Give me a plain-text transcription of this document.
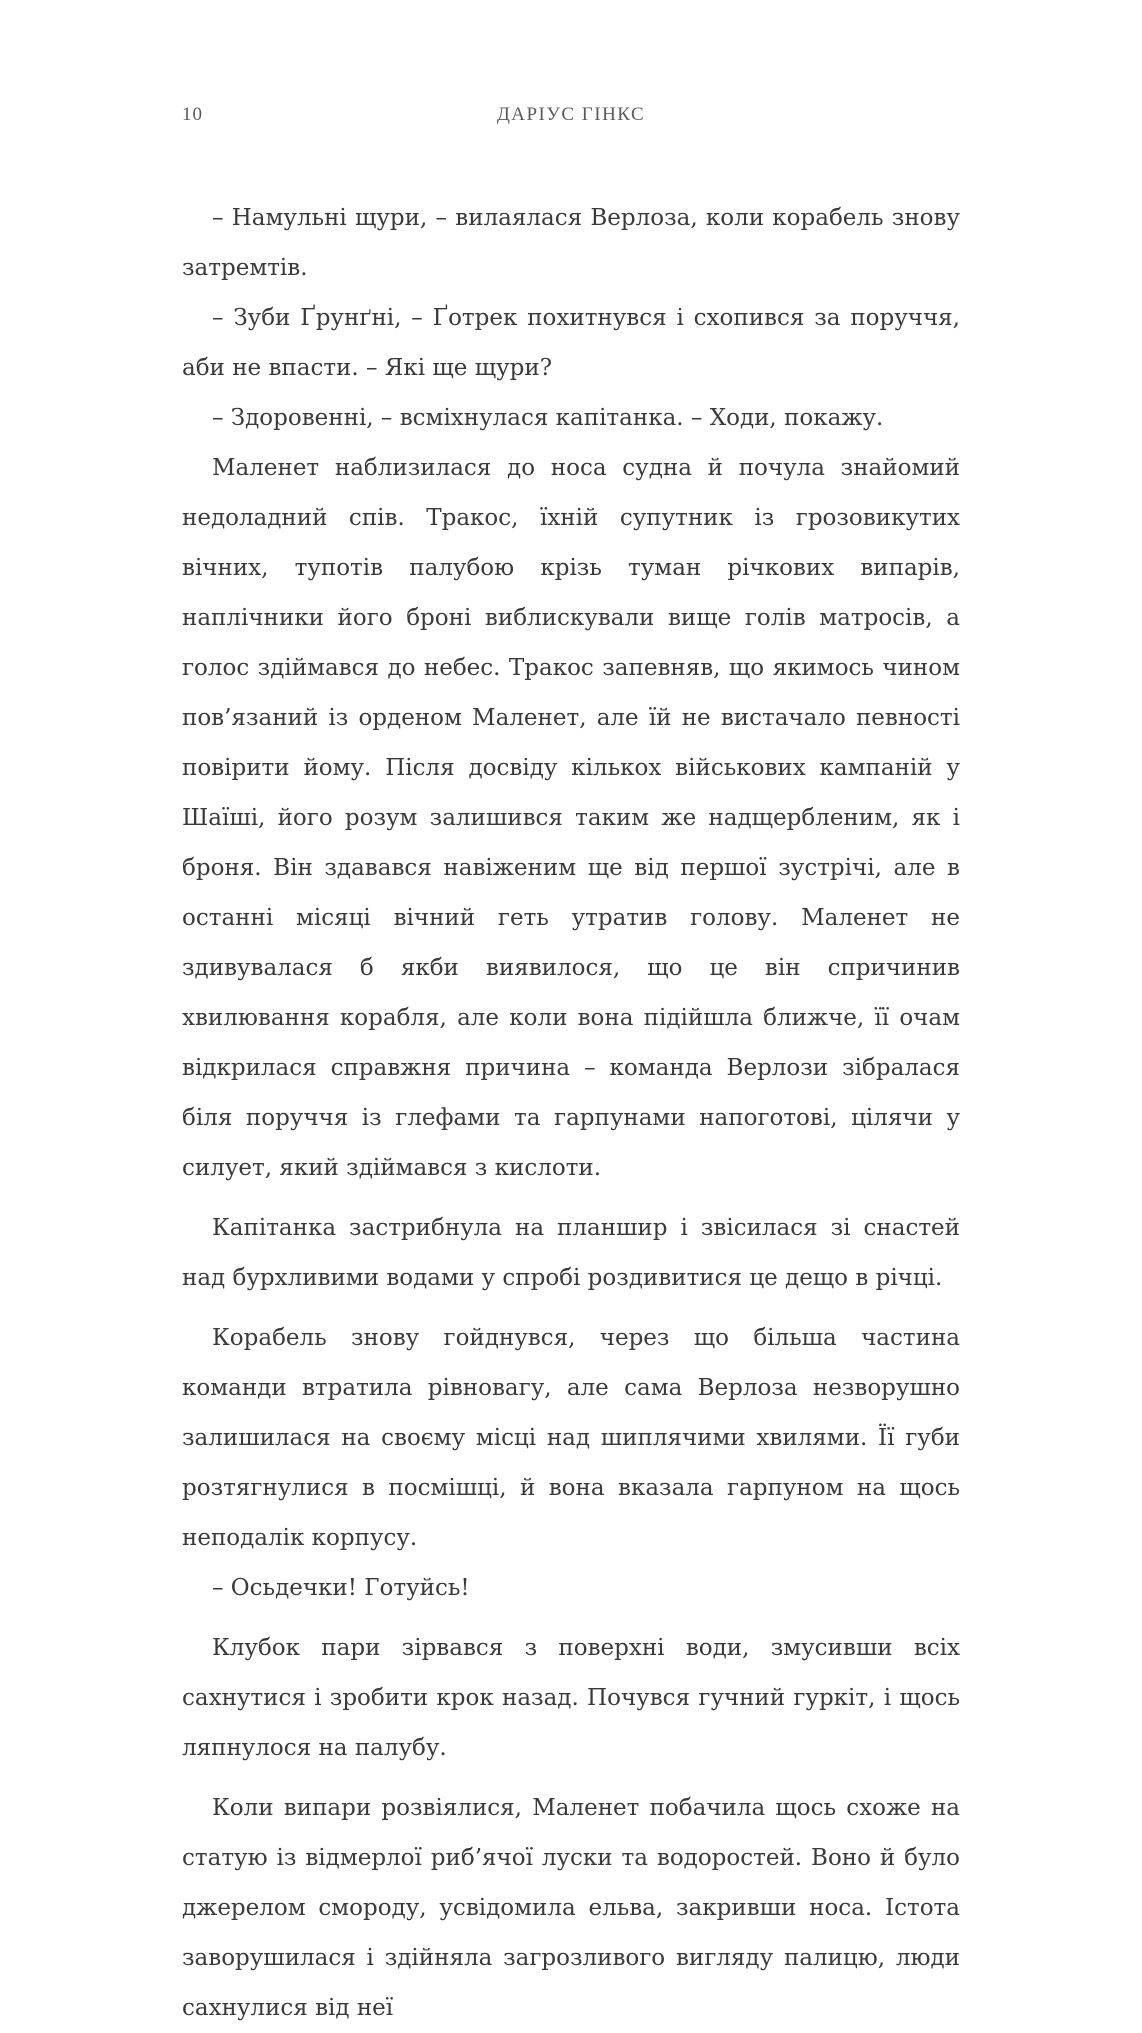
10	ДАРІУС ГІНКС

– Намульні щури, – вилаялася Верлоза, коли корабель знову затремтів.

– Зуби Ґрунґні, – Ґотрек похитнувся і схопився за поруччя, аби не впасти. – Які ще щури?

– Здоровенні, – всміхнулася капітанка. – Ходи, покажу.

Маленет наблизилася до носа судна й почула знайомий недоладний спів. Тракос, їхній супутник із грозовикутих вічних, тупотів палубою крізь туман річкових випарів, наплічники його броні виблискували вище голів матросів, а голос здіймався до небес. Тракос запевняв, що якимось чином пов’язаний із орденом Маленет, але їй не вистачало певності повірити йому. Після досвіду кількох військових кампаній у Шаїші, його розум залишився таким же надщербленим, як і броня. Він здавався навіженим ще від першої зустрічі, але в останні місяці вічний геть утратив голову. Маленет не здивувалася б якби виявилося, що це він спричинив хвилювання корабля, але коли вона підійшла ближче, її очам відкрилася справжня причина – команда Верлози зібралася біля поруччя із глефами та гарпунами напоготові, цілячи у силует, який здіймався з кислоти.

Капітанка застрибнула на планшир і звісилася зі снастей над бурхливими водами у спробі роздивитися це дещо в річці.

Корабель знову гойднувся, через що більша частина команди втратила рівновагу, але сама Верлоза незворушно залишилася на своєму місці над шиплячими хвилями. Її губи розтягнулися в посмішці, й вона вказала гарпуном на щось неподалік корпусу.

– Осьдечки! Готуйсь!

Клубок пари зірвався з поверхні води, змусивши всіх сахнутися і зробити крок назад. Почувся гучний гуркіт, і щось ляпнулося на палубу.

Коли випари розвіялися, Маленет побачила щось схоже на статую із відмерлої риб’ячої луски та водоростей. Воно й було джерелом смороду, усвідомила ельва, закривши носа. Істота заворушилася і здійняла загрозливого вигляду палицю, люди сахнулися від неї
